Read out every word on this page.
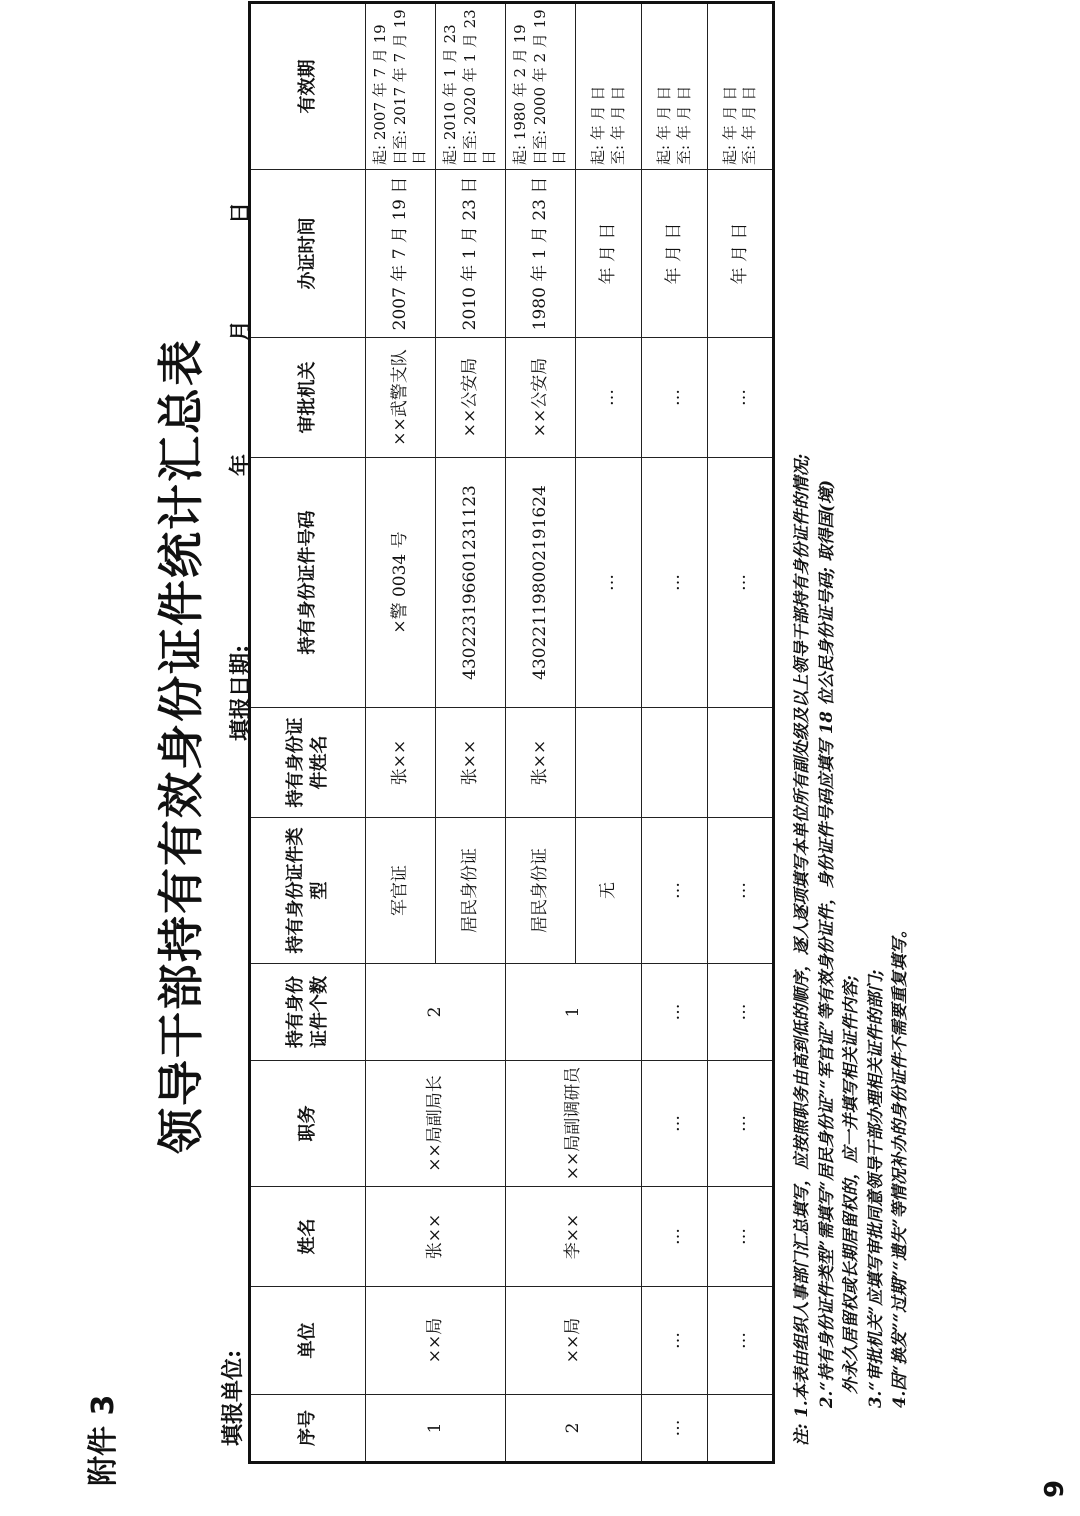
附件 3
领导干部持有有效身份证件统计汇总表
填报单位:
填报日期:
年
月
日
序号	单位	姓名	职务	持有身份证件个数	持有身份证件类型	持有身份证件姓名	持有身份证件号码	审批机关	办证时间	有效期
1	××局	张××	××局副局长	2	军官证	张××	×警 0034 号	××武警支队	2007 年 7 月 19 日	起: 2007 年 7 月 19 日至: 2017 年 7 月 19 日
					居民身份证	张××	430223196601231123	××公安局	2010 年 1 月 23 日	起: 2010 年 1 月 23 日至: 2020 年 1 月 23 日
2	××局	李××	××局副调研员	1	居民身份证	张××	430221198002191624	××公安局	1980 年 1 月 23 日	起: 1980 年 2 月 19 日至: 2000 年 2 月 19 日
					无		…	…	年 月 日	起: 年 月 日 至: 年 月 日

…	…	…	…	…	…		…	…	年 月 日	起: 年 月 日 至: 年 月 日

	…	…	…	…	…		…	…	年 月 日	起: 年 月 日 至: 年 月 日
注: 1.本表由组织人事部门汇总填写，应按照职务由高到低的顺序，逐人逐项填写本单位所有副处级及以上领导干部持有身份证件的情况; 2.“持有身份证件类型”需填写“居民身份证”“军官证”等有效身份证件，身份证件号码应填写 18 位公民身份证号码; 取得国(境) 外永久居留权或长期居留权的，应一并填写相关证件内容; 3.“审批机关”应填写审批同意领导干部办理相关证件的部门; 4.因“换发”“过期”“遗失”等情况补办的身份证件不需要重复填写。
9
